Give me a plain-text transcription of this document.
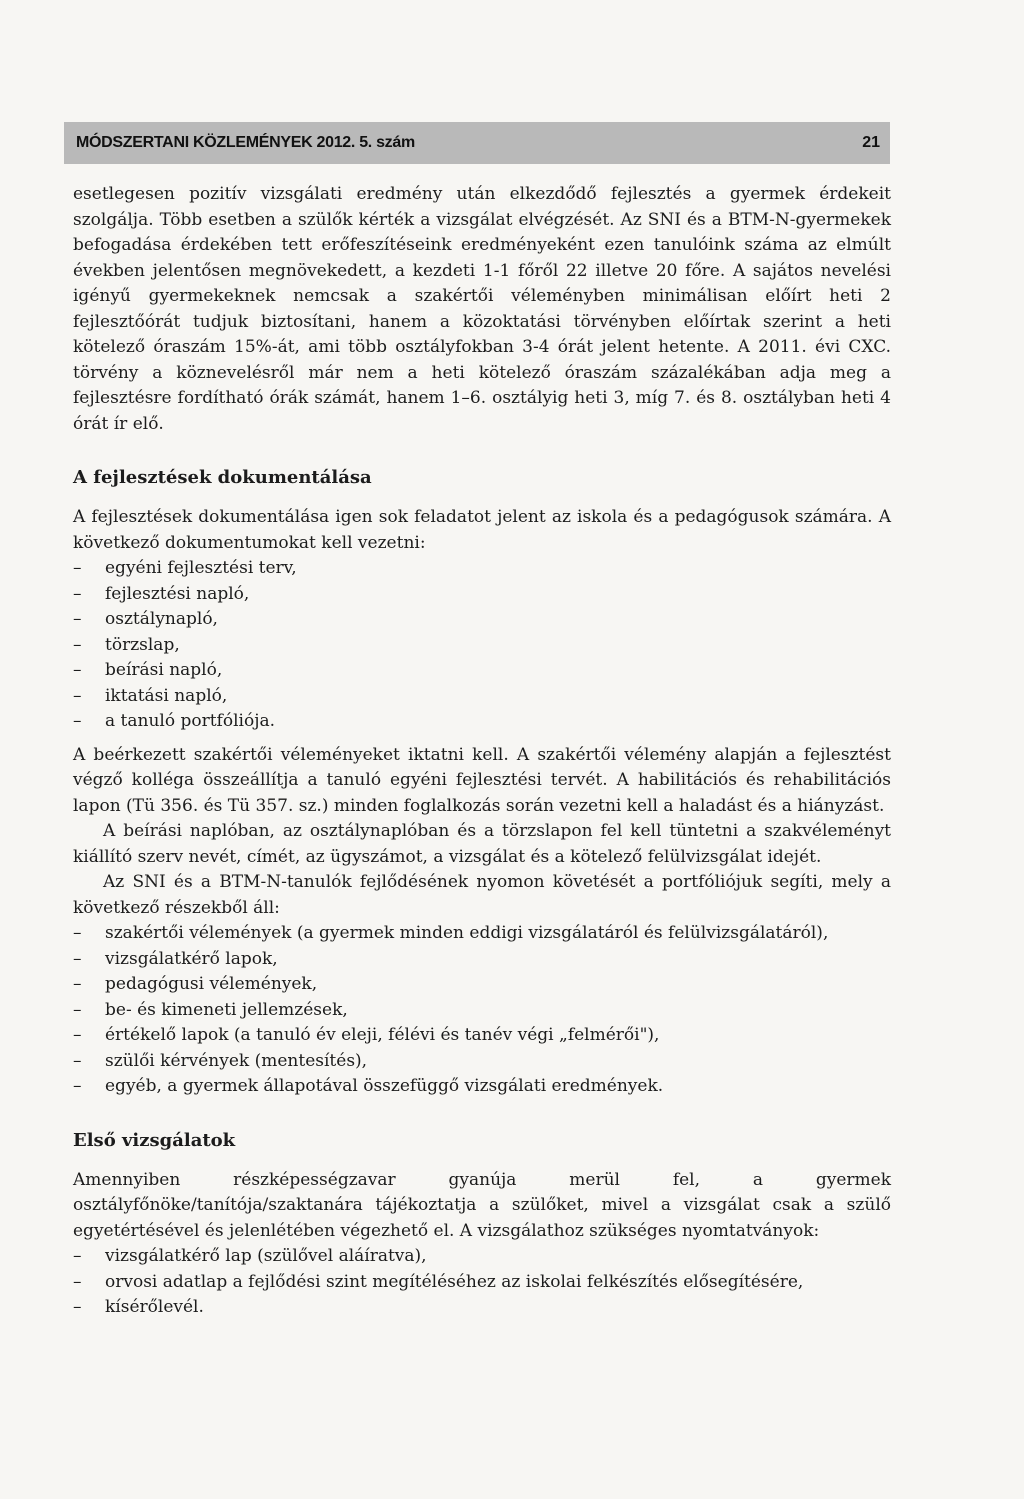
MÓDSZERTANI KÖZLEMÉNYEK 2012. 5. szám	21

esetlegesen pozitív vizsgálati eredmény után elkezdődő fejlesztés a gyermek érdekeit szolgálja. Több esetben a szülők kérték a vizsgálat elvégzését. Az SNI és a BTM-N-gyermekek befogadása érdekében tett erőfeszítéseink eredményeként ezen tanulóink száma az elmúlt években jelentősen megnövekedett, a kezdeti 1-1 főről 22 illetve 20 főre. A sajátos nevelési igényű gyermekeknek nemcsak a szakértői véleményben minimálisan előírt heti 2 fejlesztőórát tudjuk biztosítani, hanem a közoktatási törvényben előírtak szerint a heti kötelező óraszám 15%-át, ami több osztályfokban 3-4 órát jelent hetente. A 2011. évi CXC. törvény a köznevelésről már nem a heti kötelező óraszám százalékában adja meg a fejlesztésre fordítható órák számát, hanem 1–6. osztályig heti 3, míg 7. és 8. osztályban heti 4 órát ír elő.

A fejlesztések dokumentálása

A fejlesztések dokumentálása igen sok feladatot jelent az iskola és a pedagógusok számára. A következő dokumentumokat kell vezetni:

– egyéni fejlesztési terv,
– fejlesztési napló,
– osztálynapló,
– törzslap,
– beírási napló,
– iktatási napló,
– a tanuló portfóliója.

A beérkezett szakértői véleményeket iktatni kell. A szakértői vélemény alapján a fejlesztést végző kolléga összeállítja a tanuló egyéni fejlesztési tervét. A habilitációs és rehabilitációs lapon (Tü 356. és Tü 357. sz.) minden foglalkozás során vezetni kell a haladást és a hiányzást.

A beírási naplóban, az osztálynaplóban és a törzslapon fel kell tüntetni a szakvéleményt kiállító szerv nevét, címét, az ügyszámot, a vizsgálat és a kötelező felülvizsgálat idejét.

Az SNI és a BTM-N-tanulók fejlődésének nyomon követését a portfóliójuk segíti, mely a következő részekből áll:

– szakértői vélemények (a gyermek minden eddigi vizsgálatáról és felülvizsgálatáról),
– vizsgálatkérő lapok,
– pedagógusi vélemények,
– be- és kimeneti jellemzések,
– értékelő lapok (a tanuló év eleji, félévi és tanév végi „felmérői"),
– szülői kérvények (mentesítés),
– egyéb, a gyermek állapotával összefüggő vizsgálati eredmények.
Első vizsgálatok

Amennyiben részképességzavar gyanúja merül fel, a gyermek osztályfőnöke/tanítója/szaktanára tájékoztatja a szülőket, mivel a vizsgálat csak a szülő egyetértésével és jelenlétében végezhető el. A vizsgálathoz szükséges nyomtatványok:

– vizsgálatkérő lap (szülővel aláíratva),
– orvosi adatlap a fejlődési szint megítéléséhez az iskolai felkészítés elősegítésére,
– kísérőlevél.
